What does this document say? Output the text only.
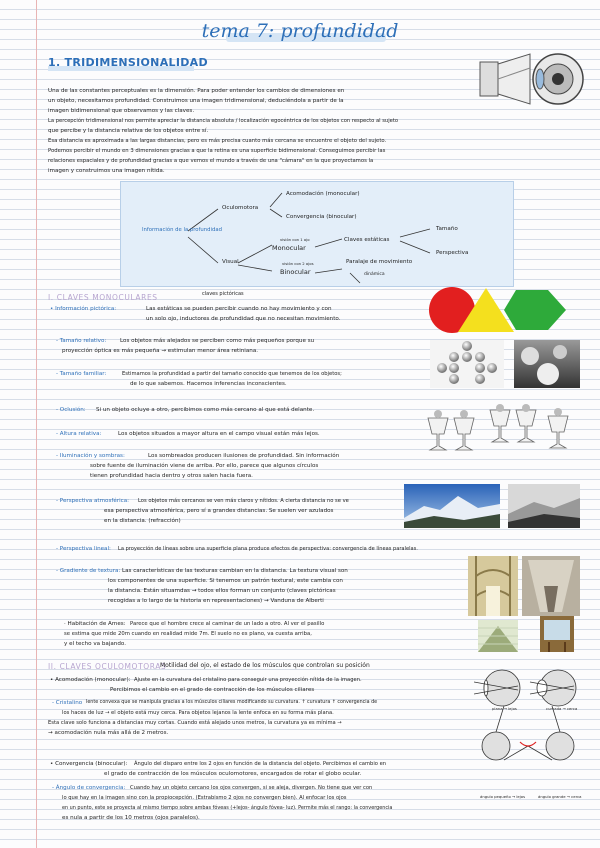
tema 7: profundidad
1. TRIDIMENSIONALIDAD
Una de las constantes perceptuales es la dimensión. Para poder entender los cambios de dimensiones en
un objeto, necesitamos profundidad. Construimos una imagen tridimensional, deduciéndola a partir de la
imagen bidimensional que observamos y las claves.
La percepción tridimensional nos permite apreciar la distancia absoluta / localización egocéntrica de los objetos con respecto al sujeto
que percibe y la distancia relativa de los objetos entre sí.
Esa distancia es aproximada a las largas distancias, pero es más precisa cuanto más cercana se encuentre el objeto del sujeto.
Podemos percibir el mundo en 3 dimensiones gracias a que la retina es una superficie bidimensional. Conseguimos percibir las
relaciones espaciales y de profundidad gracias a que vemos el mundo a través de una "cámara" en la que proyectamos la
imagen y construimos una imagen nítida.
Información de la profundidad
Oculomotora
Acomodación (monocular)
Convergencia (binocular)
Visual
visión con 1 ojo
Monocular
visión con 2 ojos
Binocular
Claves estáticas
Tamaño
Perspectiva
Paralaje de movimiento
dinámica
I. CLAVES MONOCULARES	claves pictóricas
• Información pictórica:	Las estáticas se pueden percibir cuando no hay movimiento y con
un solo ojo, inductores de profundidad que no necesitan movimiento.
- Tamaño relativo: Los objetos más alejados se perciben como más pequeños porque su
proyección óptica es más pequeña → estimulan menor área retiniana.
- Tamaño familiar:	Estimamos la profundidad a partir del tamaño conocido que tenemos de los objetos;
de lo que sabemos. Hacemos inferencias inconscientes.
- Oclusión: Si un objeto ocluye a otro, percibimos como más cercano al que está delante.
- Altura relativa:	Los objetos situados a mayor altura en el campo visual están más lejos.
- Iluminación y sombras:	Los sombreados producen ilusiones de profundidad. Sin información
sobre fuente de iluminación viene de arriba. Por ello, parece que algunos círculos
tienen profundidad hacia dentro y otros salen hacia fuera.
- Perspectiva atmosférica: Los objetos más cercanos se ven más claros y nítidos. A cierta distancia no se ve
esa perspectiva atmosférica, pero sí a grandes distancias. Se suelen ver azulados
en la distancia. (refracción)
- Perspectiva lineal: La proyección de líneas sobre una superficie plana produce efectos de perspectiva: convergencia de líneas paralelas.
- Gradiente de textura: Las características de las texturas cambian en la distancia. La textura visual son
los componentes de una superficie. Si tenemos un patrón textural, este cambia con
la distancia. Están situamdas → todos ellos forman un conjunto (claves pictóricas
recogidas a lo largo de la historia en representaciones) → Vanduna de Alberti
· Habitación de Ames: Parece que el hombre crece al caminar de un lado a otro. Al ver el pasillo
se estima que mide 20m cuando en realidad mide 7m. El suelo no es plano, va cuesta arriba,
y el techo va bajando.
II. CLAVES OCULOMOTORAS
Motilidad del ojo, el estado de los músculos que controlan su posición
• Acomodación (monocular): Ajuste en la curvatura del cristalino para conseguir una proyección nítida de la imagen.
Percibimos el cambio en el grado de contracción de los músculos ciliares
- Cristalino lente convexa que se manipula gracias a los músculos ciliares modificando su curvatura. ↑ curvatura ↑ convergencia de
los haces de luz → el objeto está muy cerca. Para objetos lejanos la lente enfoca en su forma más plana.
Esta clave solo funciona a distancias muy cortas. Cuando está alejado unos metros, la curvatura ya es mínima →
→ acomodación nula más allá de 2 metros.
• Convergencia (binocular): Ángulo del disparo entre los 2 ojos en función de la distancia del objeto. Percibimos el cambio en
el grado de contracción de los músculos oculomotores, encargados de rotar el globo ocular.
- Ángulo de convergencia: Cuando hay un objeto cercano los ojos convergen, si se aleja, divergen. No tiene que ver con
lo que hay en la imagen sino con la propiocepción. (Estrabismo 2 ojos no convergen bien). Al enfocar los ojos
en un punto, este se proyecta al mismo tiempo sobre ambas fóveas (+lejos- ángulo fóvea- luz). Permite más el rango: la convergencia
es nula a partir de los 10 metros (ojos paralelos).
plana → lejos	curvada → cerca
ángulo pequeño → lejos	ángulo grande → cerca
